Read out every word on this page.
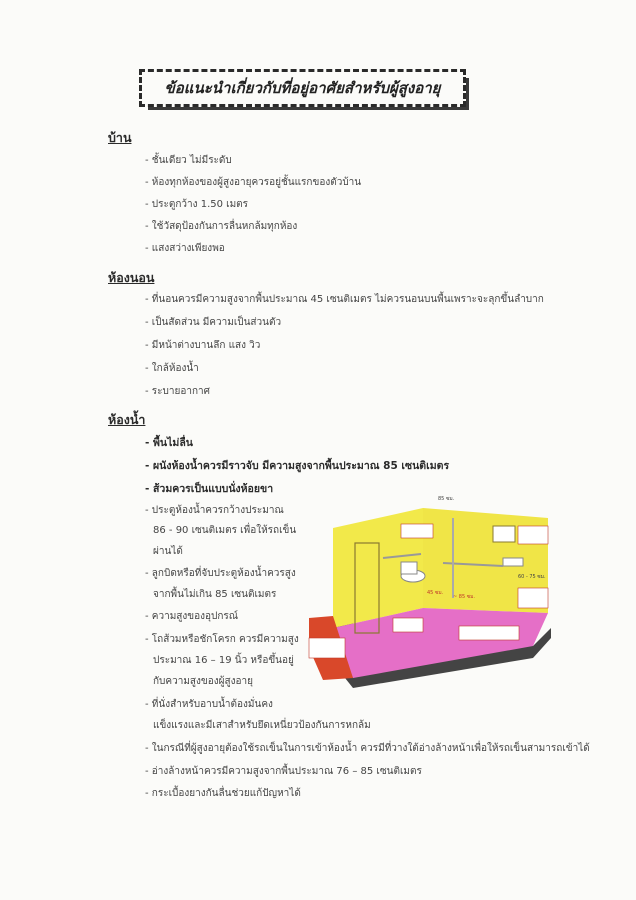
ข้อแนะนำเกี่ยวกับที่อยู่อาศัยสำหรับผู้สูงอายุ
บ้าน
- ชั้นเดียว ไม่มีระดับ
- ห้องทุกห้องของผู้สูงอายุควรอยู่ชั้นแรกของตัวบ้าน
- ประตูกว้าง 1.50 เมตร
- ใช้วัสดุป้องกันการลื่นหกล้มทุกห้อง
- แสงสว่างเพียงพอ
ห้องนอน
- ที่นอนควรมีความสูงจากพื้นประมาณ 45 เซนติเมตร ไม่ควรนอนบนพื้นเพราะจะลุกขึ้นลำบาก
- เป็นสัดส่วน มีความเป็นส่วนตัว
- มีหน้าต่างบานลึก แสง วิว
- ใกล้ห้องน้ำ
- ระบายอากาศ
ห้องน้ำ
- พื้นไม่ลื่น
- ผนังห้องน้ำควรมีราวจับ มีความสูงจากพื้นประมาณ 85 เซนติเมตร
- ส้วมควรเป็นแบบนั่งห้อยขา
- ประตูห้องน้ำควรกว้างประมาณ
86 - 90 เซนติเมตร เพื่อให้รถเข็น
ผ่านได้
- ลูกบิดหรือที่จับประตูห้องน้ำควรสูง
จากพื้นไม่เกิน 85 เซนติเมตร
- ความสูงของอุปกรณ์
- โถส้วมหรือชักโครก ควรมีความสูง
ประมาณ 16 – 19 นิ้ว หรือขึ้นอยู่
กับความสูงของผู้สูงอายุ
- ที่นั่งสำหรับอาบน้ำต้องมั่นคง
แข็งแรงและมีเสาสำหรับยึดเหนี่ยวป้องกันการหกล้ม
- ในกรณีที่ผู้สูงอายุต้องใช้รถเข็นในการเข้าห้องน้ำ ควรมีที่วางใต้อ่างล้างหน้าเพื่อให้รถเข็นสามารถเข้าได้
- อ่างล้างหน้าควรมีความสูงจากพื้นประมาณ 76 – 85 เซนติเมตร
- กระเบื้องยางกันลื่นช่วยแก้ปัญหาได้
45 ซม.
~ 85 ซม.
60 - 75 ซม.
85 ซม.
